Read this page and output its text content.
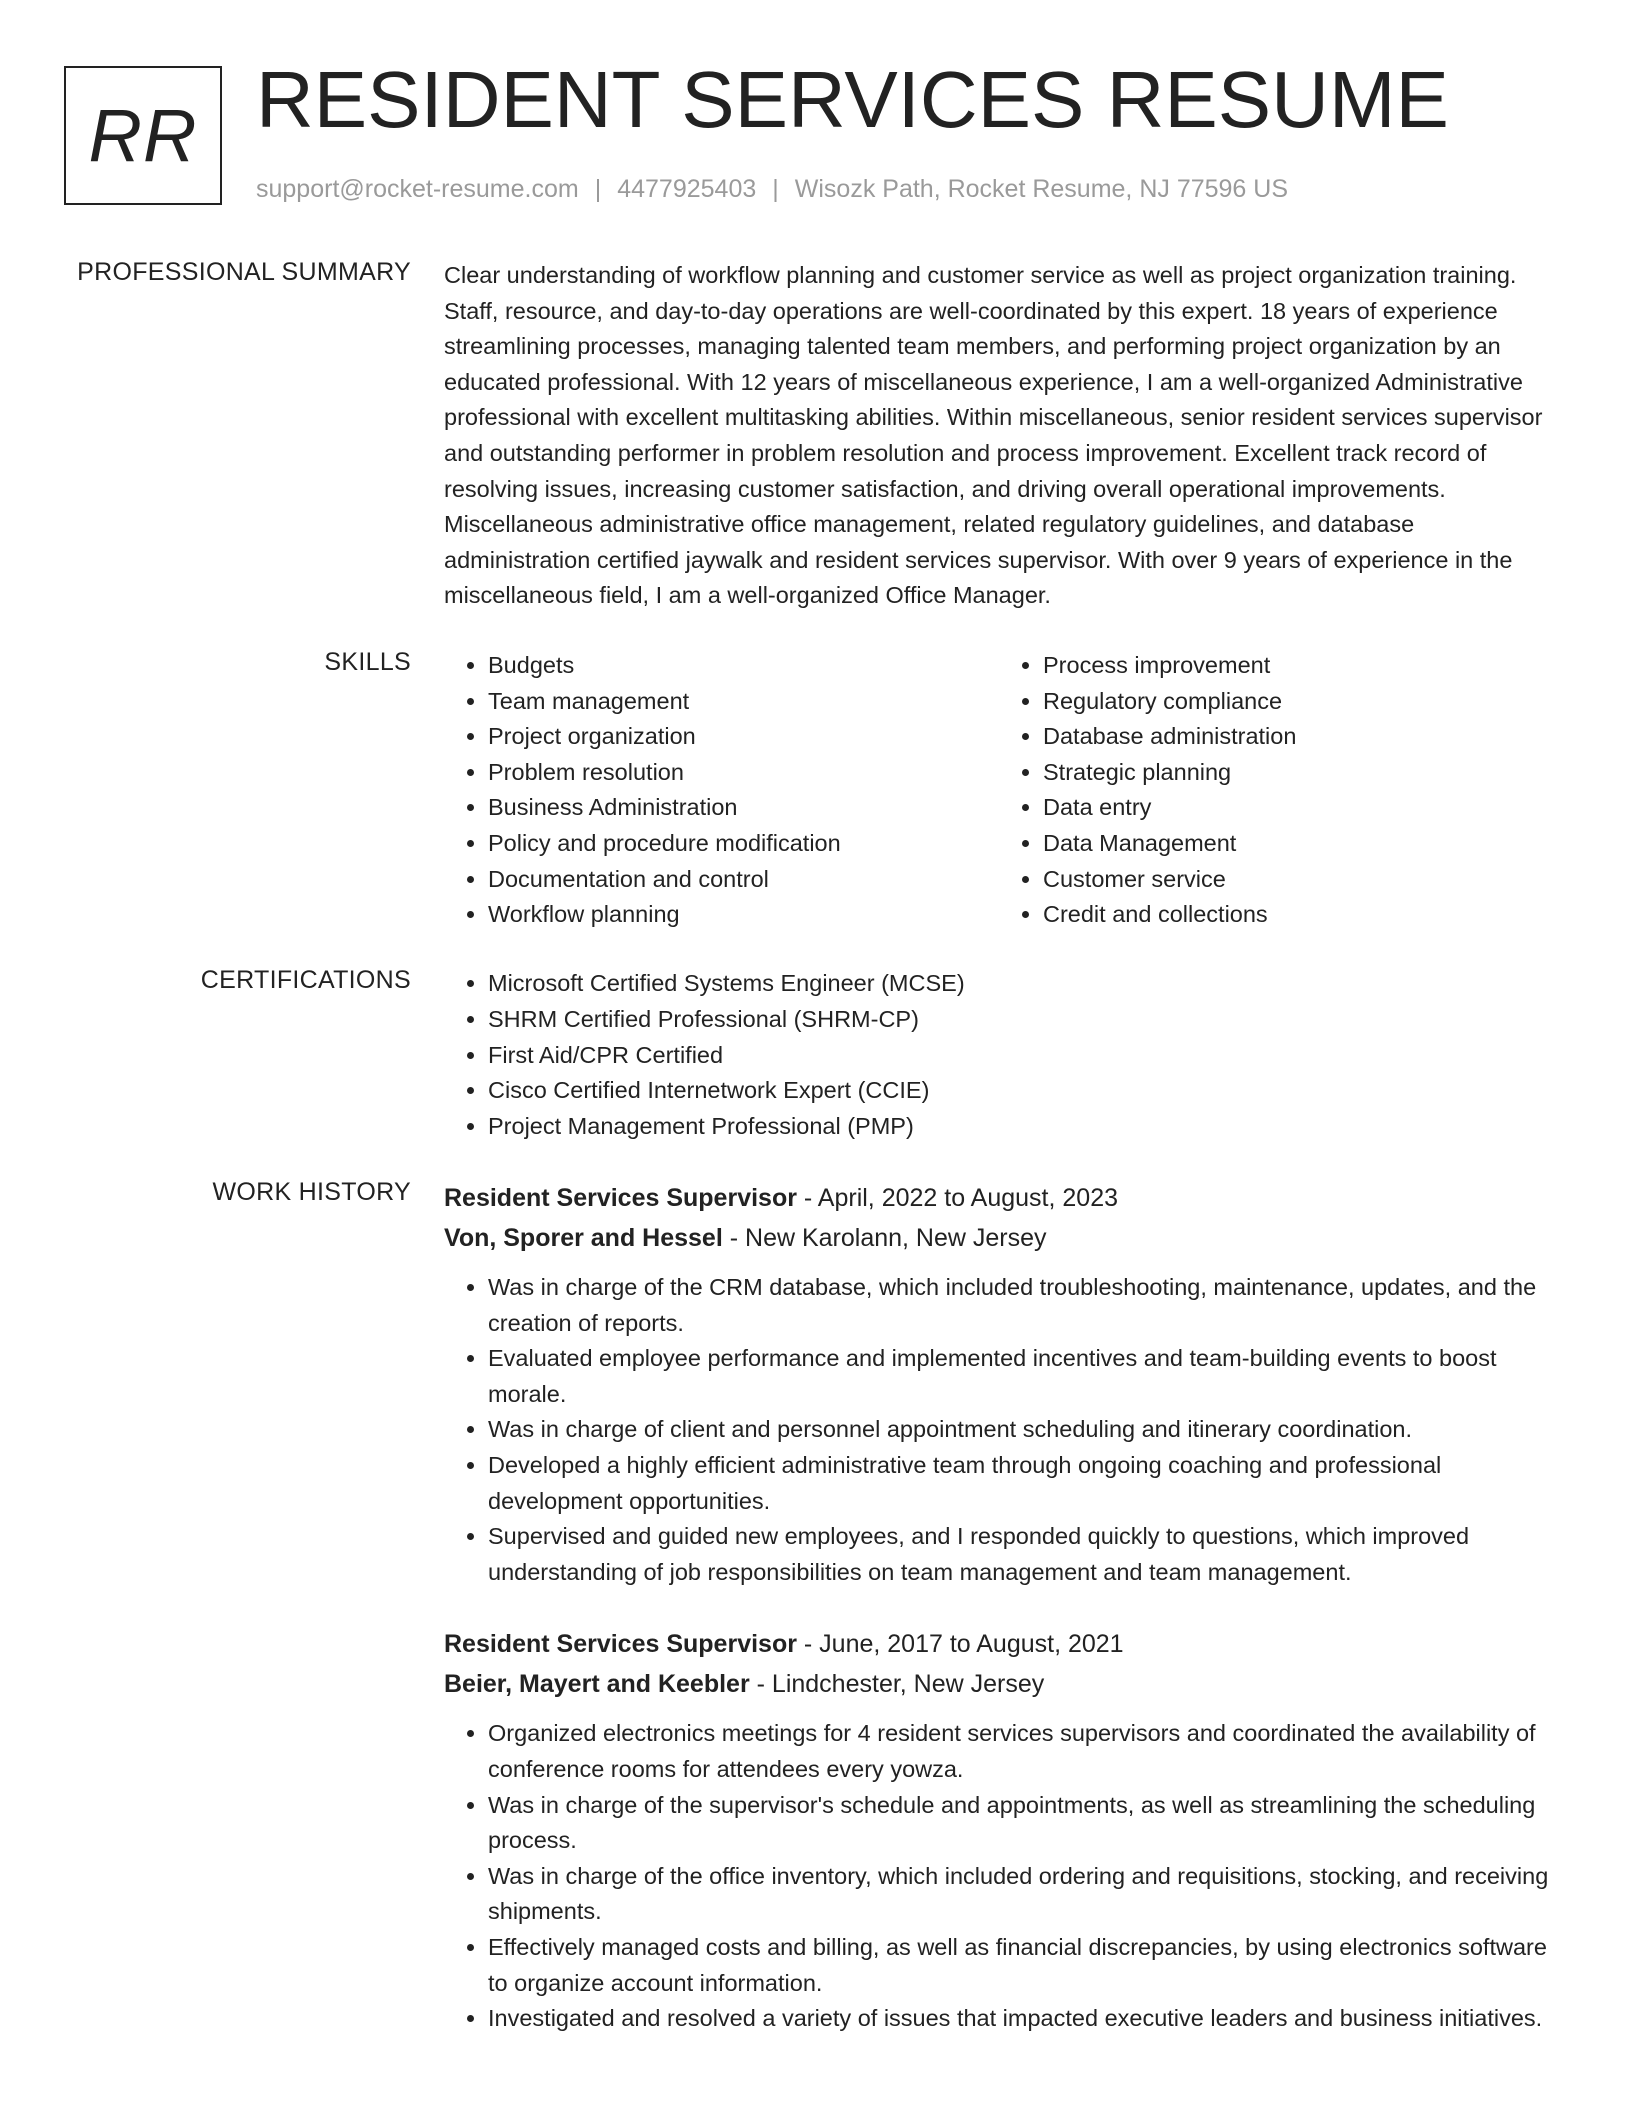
RR RESIDENT SERVICES RESUME
support@rocket-resume.com | 4477925403 | Wisozk Path, Rocket Resume, NJ 77596 US
PROFESSIONAL SUMMARY Clear understanding of workflow planning and customer service as well as project organization training. Staff, resource, and day-to-day operations are well-coordinated by this expert. 18 years of experience streamlining processes, managing talented team members, and performing project organization by an educated professional. With 12 years of miscellaneous experience, I am a well-organized Administrative professional with excellent multitasking abilities. Within miscellaneous, senior resident services supervisor and outstanding performer in problem resolution and process improvement. Excellent track record of resolving issues, increasing customer satisfaction, and driving overall operational improvements. Miscellaneous administrative office management, related regulatory guidelines, and database administration certified jaywalk and resident services supervisor. With over 9 years of experience in the miscellaneous field, I am a well-organized Office Manager.

SKILLS	• Budgets
• Team management
• Project organization
• Problem resolution
• Business Administration
• Policy and procedure modification
• Documentation and control
• Workflow planning
• Process improvement
• Regulatory compliance
• Database administration
• Strategic planning
• Data entry
• Data Management
• Customer service
• Credit and collections
CERTIFICATIONS	• Microsoft Certified Systems Engineer (MCSE)
• SHRM Certified Professional (SHRM-CP)
• First Aid/CPR Certified
• Cisco Certified Internetwork Expert (CCIE)
• Project Management Professional (PMP)
WORK HISTORY Resident Services Supervisor - April, 2022 to August, 2023
Von, Sporer and Hessel - New Karolann, New Jersey
• Was in charge of the CRM database, which included troubleshooting, maintenance, updates, and the creation of reports.
• Evaluated employee performance and implemented incentives and team-building events to boost morale.
• Was in charge of client and personnel appointment scheduling and itinerary coordination.
• Developed a highly efficient administrative team through ongoing coaching and professional development opportunities.
• Supervised and guided new employees, and I responded quickly to questions, which improved understanding of job responsibilities on team management and team management.
Resident Services Supervisor - June, 2017 to August, 2021
Beier, Mayert and Keebler - Lindchester, New Jersey
• Organized electronics meetings for 4 resident services supervisors and coordinated the availability of conference rooms for attendees every yowza.
• Was in charge of the supervisor's schedule and appointments, as well as streamlining the scheduling process.
• Was in charge of the office inventory, which included ordering and requisitions, stocking, and receiving shipments.
• Effectively managed costs and billing, as well as financial discrepancies, by using electronics software to organize account information.
• Investigated and resolved a variety of issues that impacted executive leaders and business initiatives.
